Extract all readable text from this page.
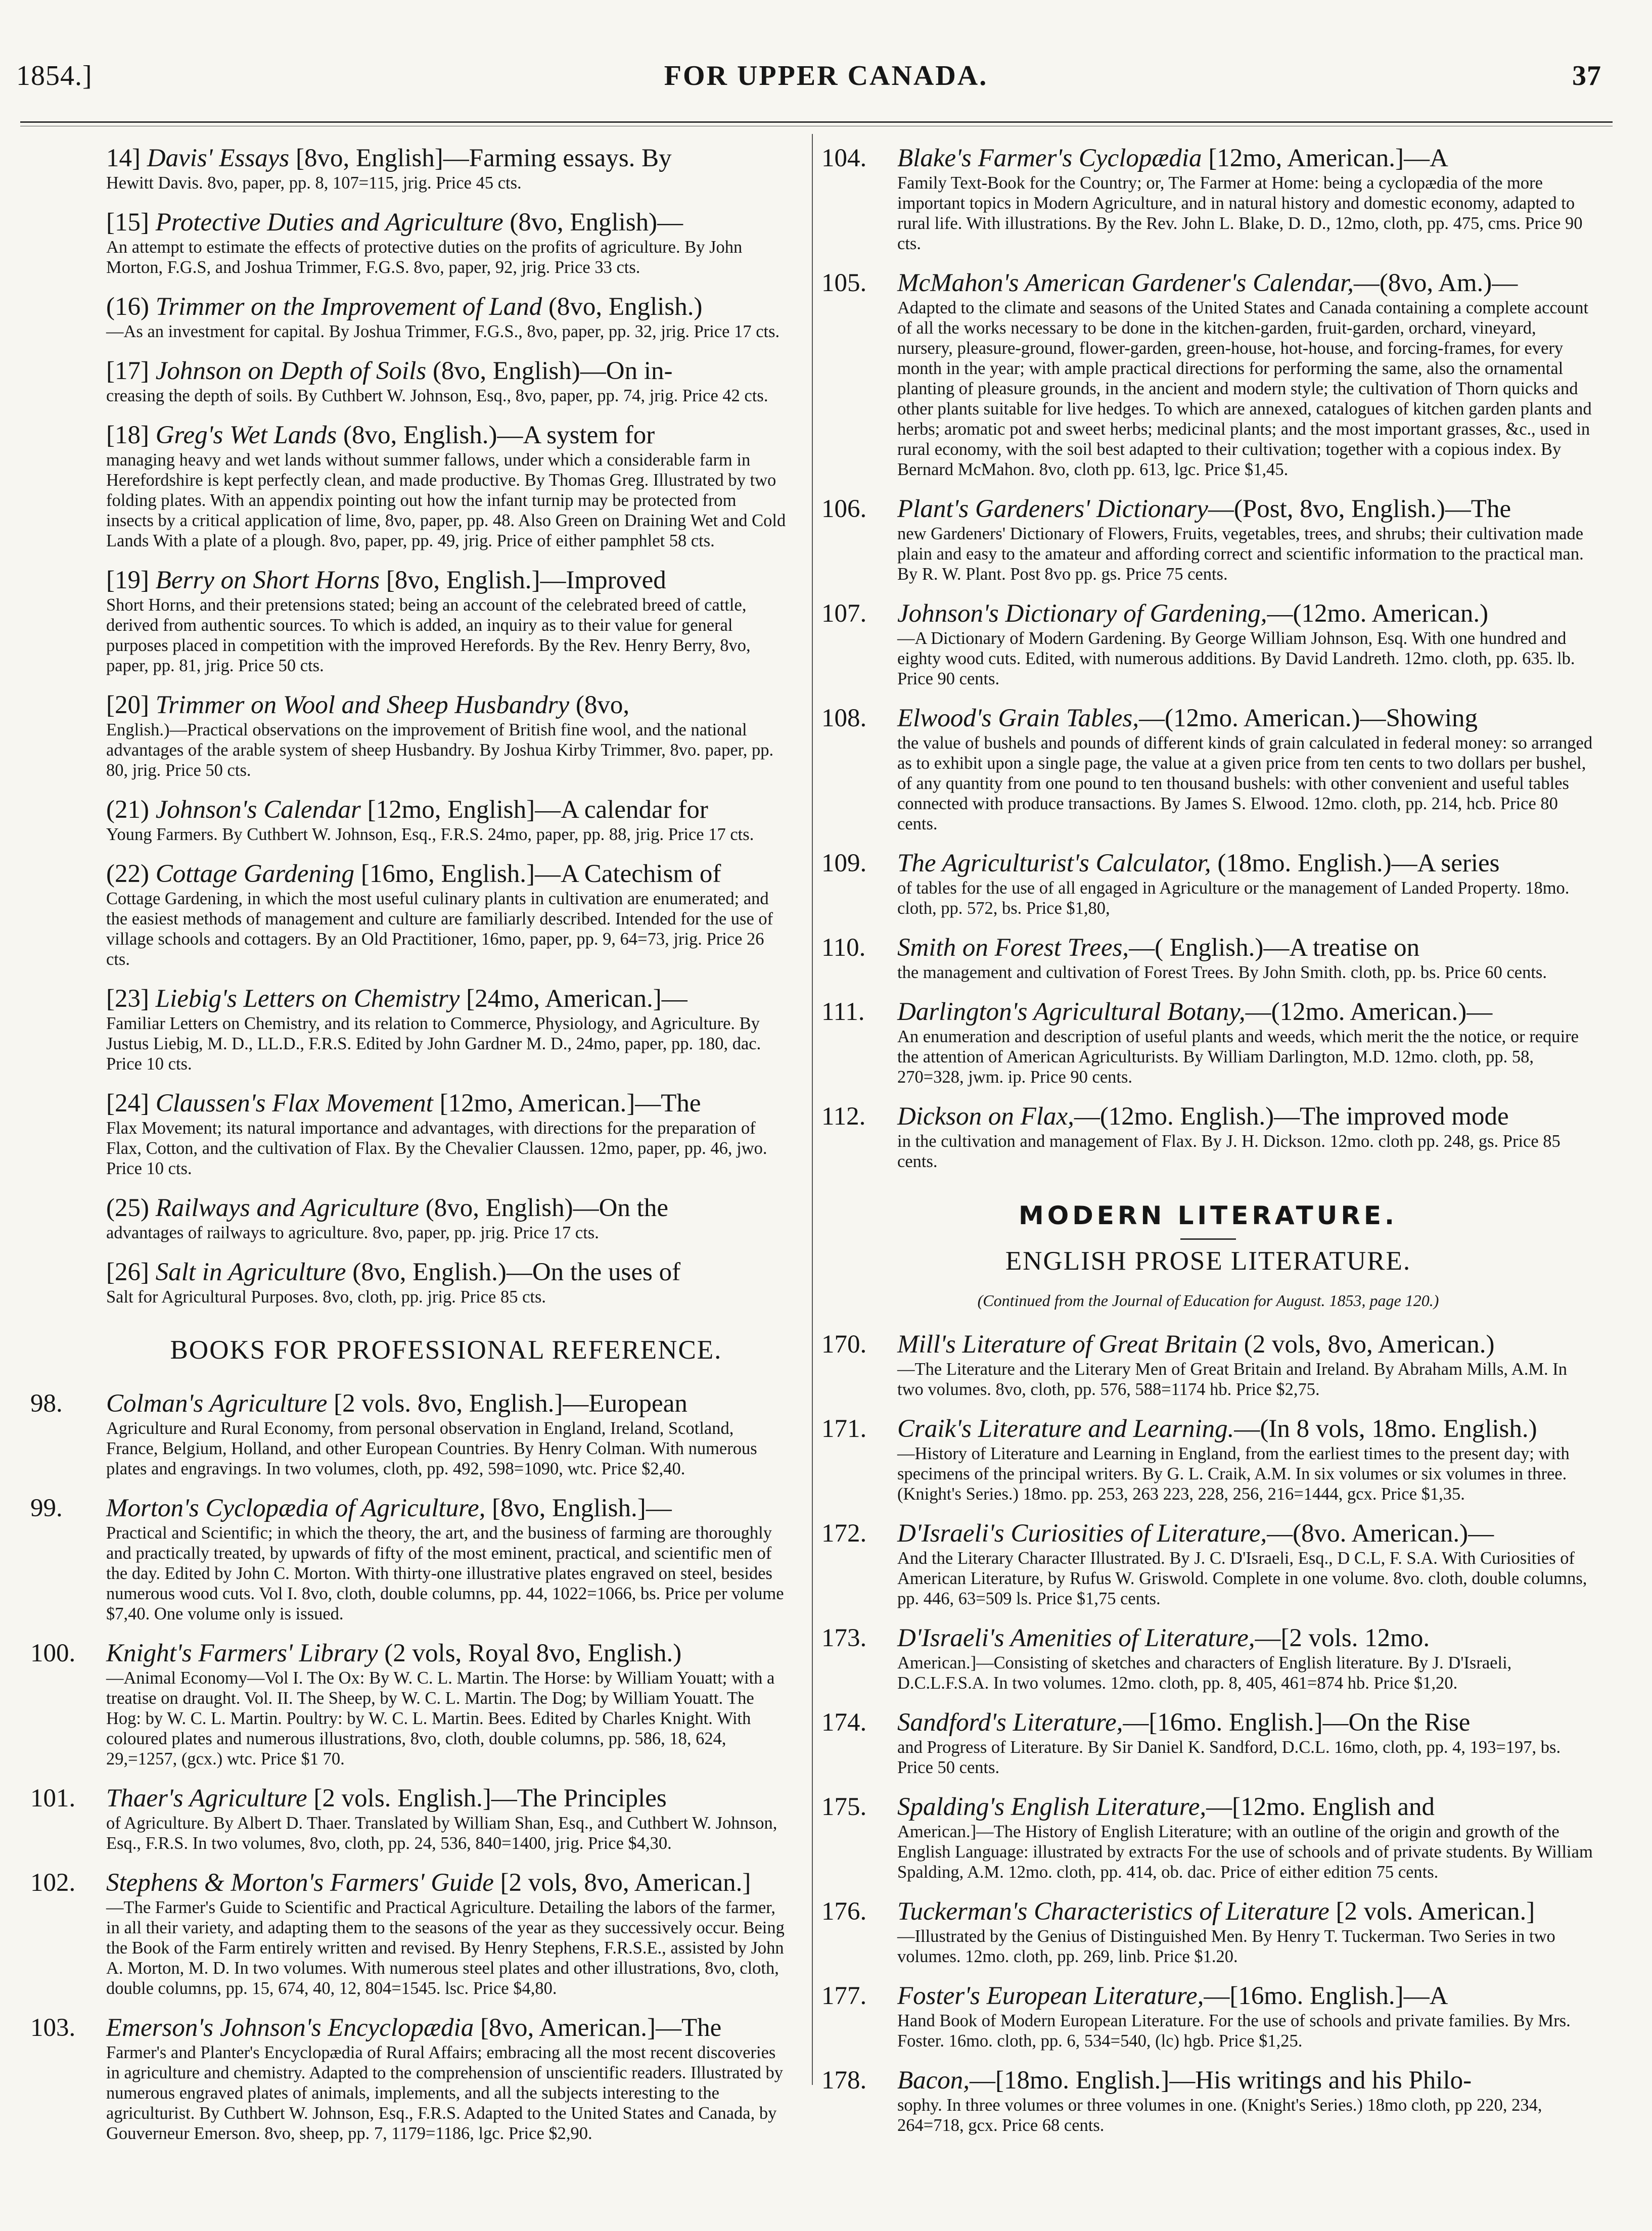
1854.]	FOR UPPER CANADA.	37
14] Davis' Essays [8vo, English]—Farming essays. By
Hewitt Davis. 8vo, paper, pp. 8, 107=115, jrig. Price 45 cts.
[15] Protective Duties and Agriculture (8vo, English)—
An attempt to estimate the effects of protective duties on the profits of agriculture. By John Morton, F.G.S, and Joshua Trimmer, F.G.S. 8vo, paper, 92, jrig. Price 33 cts.
(16) Trimmer on the Improvement of Land (8vo, English.)
—As an investment for capital. By Joshua Trimmer, F.G.S., 8vo, paper, pp. 32, jrig. Price 17 cts.
[17] Johnson on Depth of Soils (8vo, English)—On in-
creasing the depth of soils. By Cuthbert W. Johnson, Esq., 8vo, paper, pp. 74, jrig. Price 42 cts.
[18] Greg's Wet Lands (8vo, English.)—A system for
managing heavy and wet lands without summer fallows, under which a considerable farm in Herefordshire is kept perfectly clean, and made productive. By Thomas Greg. Illustrated by two folding plates. With an appendix pointing out how the infant turnip may be protected from insects by a critical application of lime, 8vo, paper, pp. 48. Also Green on Draining Wet and Cold Lands With a plate of a plough. 8vo, paper, pp. 49, jrig. Price of either pamphlet 58 cts.
[19] Berry on Short Horns [8vo, English.]—Improved
Short Horns, and their pretensions stated; being an account of the celebrated breed of cattle, derived from authentic sources. To which is added, an inquiry as to their value for general purposes placed in competition with the improved Herefords. By the Rev. Henry Berry, 8vo, paper, pp. 81, jrig. Price 50 cts.
[20] Trimmer on Wool and Sheep Husbandry (8vo,
English.)—Practical observations on the improvement of British fine wool, and the national advantages of the arable system of sheep Husbandry. By Joshua Kirby Trimmer, 8vo. paper, pp. 80, jrig. Price 50 cts.
(21) Johnson's Calendar [12mo, English]—A calendar for
Young Farmers. By Cuthbert W. Johnson, Esq., F.R.S. 24mo, paper, pp. 88, jrig. Price 17 cts.
(22) Cottage Gardening [16mo, English.]—A Catechism of
Cottage Gardening, in which the most useful culinary plants in cultivation are enumerated; and the easiest methods of management and culture are familiarly described. Intended for the use of village schools and cottagers. By an Old Practitioner, 16mo, paper, pp. 9, 64=73, jrig. Price 26 cts.
[23] Liebig's Letters on Chemistry [24mo, American.]—
Familiar Letters on Chemistry, and its relation to Commerce, Physiology, and Agriculture. By Justus Liebig, M. D., LL.D., F.R.S. Edited by John Gardner M. D., 24mo, paper, pp. 180, dac. Price 10 cts.
[24] Claussen's Flax Movement [12mo, American.]—The
Flax Movement; its natural importance and advantages, with directions for the preparation of Flax, Cotton, and the cultivation of Flax. By the Chevalier Claussen. 12mo, paper, pp. 46, jwo. Price 10 cts.
(25) Railways and Agriculture (8vo, English)—On the
advantages of railways to agriculture. 8vo, paper, pp. jrig. Price 17 cts.
[26] Salt in Agriculture (8vo, English.)—On the uses of
Salt for Agricultural Purposes. 8vo, cloth, pp. jrig. Price 85 cts.
BOOKS FOR PROFESSIONAL REFERENCE.
98.	Colman's Agriculture [2 vols. 8vo, English.]—European
Agriculture and Rural Economy, from personal observation in England, Ireland, Scotland, France, Belgium, Holland, and other European Countries. By Henry Colman. With numerous plates and engravings. In two volumes, cloth, pp. 492, 598=1090, wtc. Price $2,40.
99.	Morton's Cyclopædia of Agriculture, [8vo, English.]—
Practical and Scientific; in which the theory, the art, and the business of farming are thoroughly and practically treated, by upwards of fifty of the most eminent, practical, and scientific men of the day. Edited by John C. Morton. With thirty-one illustrative plates engraved on steel, besides numerous wood cuts. Vol I. 8vo, cloth, double columns, pp. 44, 1022=1066, bs. Price per volume $7,40. One volume only is issued.
100.	Knight's Farmers' Library (2 vols, Royal 8vo, English.)
—Animal Economy—Vol I. The Ox: By W. C. L. Martin. The Horse: by William Youatt; with a treatise on draught. Vol. II. The Sheep, by W. C. L. Martin. The Dog; by William Youatt. The Hog: by W. C. L. Martin. Poultry: by W. C. L. Martin. Bees. Edited by Charles Knight. With coloured plates and numerous illustrations, 8vo, cloth, double columns, pp. 586, 18, 624, 29,=1257, (gcx.) wtc. Price $1 70.
101.	Thaer's Agriculture [2 vols. English.]—The Principles
of Agriculture. By Albert D. Thaer. Translated by William Shan, Esq., and Cuthbert W. Johnson, Esq., F.R.S. In two volumes, 8vo, cloth, pp. 24, 536, 840=1400, jrig. Price $4,30.
102.	Stephens & Morton's Farmers' Guide [2 vols, 8vo, American.]
—The Farmer's Guide to Scientific and Practical Agriculture. Detailing the labors of the farmer, in all their variety, and adapting them to the seasons of the year as they successively occur. Being the Book of the Farm entirely written and revised. By Henry Stephens, F.R.S.E., assisted by John A. Morton, M. D. In two volumes. With numerous steel plates and other illustrations, 8vo, cloth, double columns, pp. 15, 674, 40, 12, 804=1545. lsc. Price $4,80.
103.	Emerson's Johnson's Encyclopædia [8vo, American.]—The
Farmer's and Planter's Encyclopædia of Rural Affairs; embracing all the most recent discoveries in agriculture and chemistry. Adapted to the comprehension of unscientific readers. Illustrated by numerous engraved plates of animals, implements, and all the subjects interesting to the agriculturist. By Cuthbert W. Johnson, Esq., F.R.S. Adapted to the United States and Canada, by Gouverneur Emerson. 8vo, sheep, pp. 7, 1179=1186, lgc. Price $2,90.
104.	Blake's Farmer's Cyclopædia [12mo, American.]—A
Family Text-Book for the Country; or, The Farmer at Home: being a cyclopædia of the more important topics in Modern Agriculture, and in natural history and domestic economy, adapted to rural life. With illustrations. By the Rev. John L. Blake, D. D., 12mo, cloth, pp. 475, cms. Price 90 cts.
105.	McMahon's American Gardener's Calendar,—(8vo, Am.)—
Adapted to the climate and seasons of the United States and Canada containing a complete account of all the works necessary to be done in the kitchen-garden, fruit-garden, orchard, vineyard, nursery, pleasure-ground, flower-garden, green-house, hot-house, and forcing-frames, for every month in the year; with ample practical directions for performing the same, also the ornamental planting of pleasure grounds, in the ancient and modern style; the cultivation of Thorn quicks and other plants suitable for live hedges. To which are annexed, catalogues of kitchen garden plants and herbs; aromatic pot and sweet herbs; medicinal plants; and the most important grasses, &c., used in rural economy, with the soil best adapted to their cultivation; together with a copious index. By Bernard McMahon. 8vo, cloth pp. 613, lgc. Price $1,45.
106.	Plant's Gardeners' Dictionary—(Post, 8vo, English.)—The
new Gardeners' Dictionary of Flowers, Fruits, vegetables, trees, and shrubs; their cultivation made plain and easy to the amateur and affording correct and scientific information to the practical man. By R. W. Plant. Post 8vo pp. gs. Price 75 cents.
107.	Johnson's Dictionary of Gardening,—(12mo. American.)
—A Dictionary of Modern Gardening. By George William Johnson, Esq. With one hundred and eighty wood cuts. Edited, with numerous additions. By David Landreth. 12mo. cloth, pp. 635. lb. Price 90 cents.
108.	Elwood's Grain Tables,—(12mo. American.)—Showing
the value of bushels and pounds of different kinds of grain calculated in federal money: so arranged as to exhibit upon a single page, the value at a given price from ten cents to two dollars per bushel, of any quantity from one pound to ten thousand bushels: with other convenient and useful tables connected with produce transactions. By James S. Elwood. 12mo. cloth, pp. 214, hcb. Price 80 cents.
109.	The Agriculturist's Calculator, (18mo. English.)—A series
of tables for the use of all engaged in Agriculture or the management of Landed Property. 18mo. cloth, pp. 572, bs. Price $1,80,
110.	Smith on Forest Trees,—( English.)—A treatise on
the management and cultivation of Forest Trees. By John Smith. cloth, pp. bs. Price 60 cents.
111.	Darlington's Agricultural Botany,—(12mo. American.)—
An enumeration and description of useful plants and weeds, which merit the the notice, or require the attention of American Agriculturists. By William Darlington, M.D. 12mo. cloth, pp. 58, 270=328, jwm. ip. Price 90 cents.
112.	Dickson on Flax,—(12mo. English.)—The improved mode
in the cultivation and management of Flax. By J. H. Dickson. 12mo. cloth pp. 248, gs. Price 85 cents.
MODERN LITERATURE.
ENGLISH PROSE LITERATURE.
(Continued from the Journal of Education for August. 1853, page 120.)
170.	Mill's Literature of Great Britain (2 vols, 8vo, American.)
—The Literature and the Literary Men of Great Britain and Ireland. By Abraham Mills, A.M. In two volumes. 8vo, cloth, pp. 576, 588=1174 hb. Price $2,75.
171.	Craik's Literature and Learning.—(In 8 vols, 18mo. English.)
—History of Literature and Learning in England, from the earliest times to the present day; with specimens of the principal writers. By G. L. Craik, A.M. In six volumes or six volumes in three. (Knight's Series.) 18mo. pp. 253, 263 223, 228, 256, 216=1444, gcx. Price $1,35.
172.	D'Israeli's Curiosities of Literature,—(8vo. American.)—
And the Literary Character Illustrated. By J. C. D'Israeli, Esq., D C.L, F. S.A. With Curiosities of American Literature, by Rufus W. Griswold. Complete in one volume. 8vo. cloth, double columns, pp. 446, 63=509 ls. Price $1,75 cents.
173.	D'Israeli's Amenities of Literature,—[2 vols. 12mo.
American.]—Consisting of sketches and characters of English literature. By J. D'Israeli, D.C.L.F.S.A. In two volumes. 12mo. cloth, pp. 8, 405, 461=874 hb. Price $1,20.
174.	Sandford's Literature,—[16mo. English.]—On the Rise
and Progress of Literature. By Sir Daniel K. Sandford, D.C.L. 16mo, cloth, pp. 4, 193=197, bs. Price 50 cents.
175.	Spalding's English Literature,—[12mo. English and
American.]—The History of English Literature; with an outline of the origin and growth of the English Language: illustrated by extracts For the use of schools and of private students. By William Spalding, A.M. 12mo. cloth, pp. 414, ob. dac. Price of either edition 75 cents.
176.	Tuckerman's Characteristics of Literature [2 vols. American.]
—Illustrated by the Genius of Distinguished Men. By Henry T. Tuckerman. Two Series in two volumes. 12mo. cloth, pp. 269, linb. Price $1.20.
177.	Foster's European Literature,—[16mo. English.]—A
Hand Book of Modern European Literature. For the use of schools and private families. By Mrs. Foster. 16mo. cloth, pp. 6, 534=540, (lc) hgb. Price $1,25.
178.	Bacon,—[18mo. English.]—His writings and his Philo-
sophy. In three volumes or three volumes in one. (Knight's Series.) 18mo cloth, pp 220, 234, 264=718, gcx. Price 68 cents.
